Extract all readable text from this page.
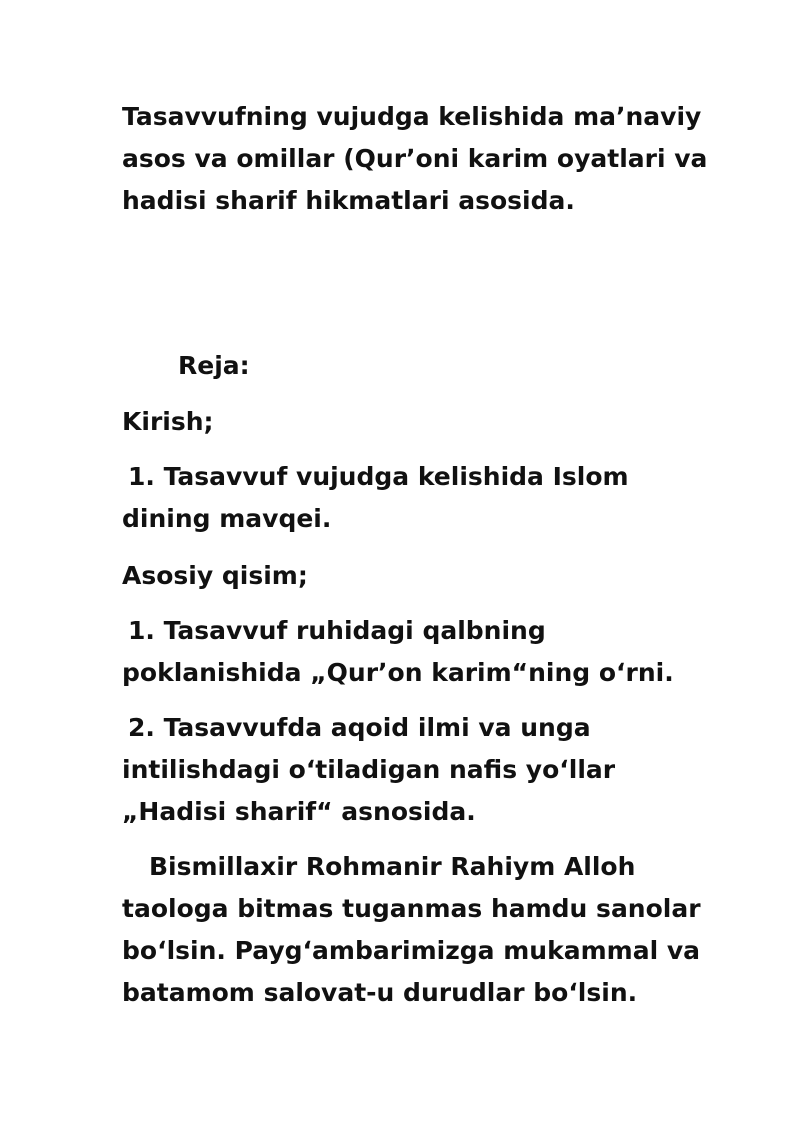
Tasavvufning vujudga kelishida maʼnaviy
asos va omillar (Qurʼoni karim oyatlari va
hadisi sharif hikmatlari asosida.
Reja:
Kirish;
1. Tasavvuf vujudga kelishida Islom
dining mavqei.
Asosiy qisim;
1. Tasavvuf ruhidagi qalbning
poklanishida „Qurʼon karim“ning oʻrni.
2. Tasavvufda aqoid ilmi va unga
intilishdagi oʻtiladigan nafis yoʻllar
„Hadisi sharif“ asnosida.
Bismillaxir Rohmanir Rahiym Alloh
taologa bitmas tuganmas hamdu sanolar
boʻlsin. Paygʻambarimizga mukammal va
batamom salovat-u durudlar boʻlsin.
